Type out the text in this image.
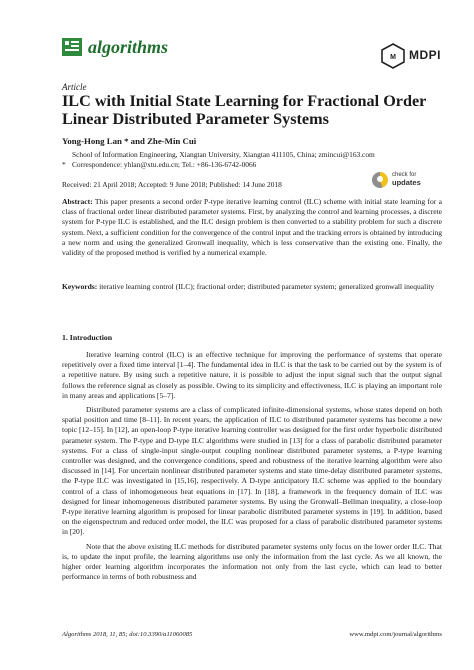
algorithms
M MDPI
Article
ILC with Initial State Learning for Fractional Order Linear Distributed Parameter Systems
Yong-Hong Lan * and Zhe-Min Cui
School of Information Engineering, Xiangtan University, Xiangtan 411105, China; zmincui@163.com
* Correspondence: yhlan@xtu.edu.cn; Tel.: +86-136-6742-0066
check for
updates
Received: 21 April 2018; Accepted: 9 June 2018; Published: 14 June 2018
Abstract: This paper presents a second order P-type iterative learning control (ILC) scheme with initial state learning for a class of fractional order linear distributed parameter systems. First, by analyzing the control and learning processes, a discrete system for P-type ILC is established, and the ILC design problem is then converted to a stability problem for such a discrete system. Next, a sufficient condition for the convergence of the control input and the tracking errors is obtained by introducing a new norm and using the generalized Gronwall inequality, which is less conservative than the existing one. Finally, the validity of the proposed method is verified by a numerical example.
Keywords: iterative learning control (ILC); fractional order; distributed parameter system; generalized gronwall inequality
1. Introduction

Iterative learning control (ILC) is an effective technique for improving the performance of systems that operate repetitively over a fixed time interval [1–4]. The fundamental idea in ILC is that the task to be carried out by the system is of a repetitive nature. By using such a repetitive nature, it is possible to adjust the input signal such that the output signal follows the reference signal as closely as possible. Owing to its simplicity and effectiveness, ILC is playing an important role in many areas and applications [5–7].

Distributed parameter systems are a class of complicated infinite-dimensional systems, whose states depend on both spatial position and time [8–11]. In recent years, the application of ILC to distributed parameter systems has become a new topic [12–15]. In [12], an open-loop P-type iterative learning controller was designed for the first order hyperbolic distributed parameter system. The P-type and D-type ILC algorithms were studied in [13] for a class of parabolic distributed parameter systems. For a class of single-input single-output coupling nonlinear distributed parameter systems, a P-type learning controller was designed, and the convergence conditions, speed and robustness of the iterative learning algorithm were also discussed in [14]. For uncertain nonlinear distributed parameter systems and state time-delay distributed parameter systems, the P-type ILC was investigated in [15,16], respectively. A D-type anticipatory ILC scheme was applied to the boundary control of a class of inhomogeneous heat equations in [17]. In [18], a framework in the frequency domain of ILC was designed for linear inhomogeneous distributed parameter systems. By using the Gronwall–Bellman inequality, a close-loop P-type iterative learning algorithm is proposed for linear parabolic distributed parameter systems in [19]. In addition, based on the eigenspectrum and reduced order model, the ILC was proposed for a class of parabolic distributed parameter systems in [20].

Note that the above existing ILC methods for distributed parameter systems only focus on the lower order ILC. That is, to update the input profile, the learning algorithms use only the information from the last cycle. As we all known, the higher order learning algorithm incorporates the information not only from the last cycle, which can lead to better performance in terms of both robustness and

Algorithms 2018, 11, 85; doi:10.3390/a11060085	www.mdpi.com/journal/algorithms
